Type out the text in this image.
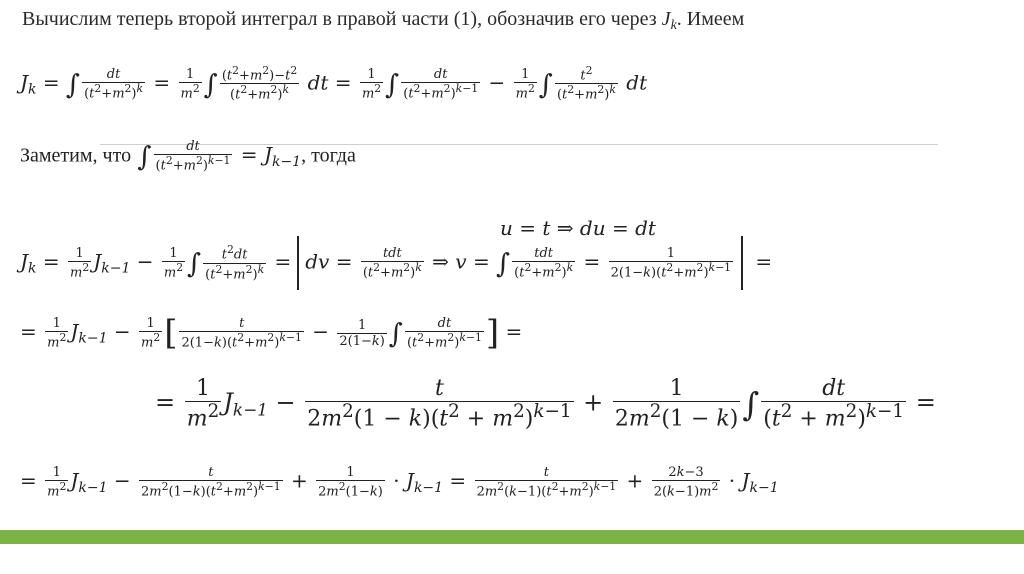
Вычислим теперь второй интеграл в правой части (1), обозначив его через $J_k$. Имеем
$J_k$ = ∫ $\frac{dt}{(t^2+m^2)^k} = \frac{1}{m^2}$ ∫ $\frac{(t^2+m^2)-t^2}{(t^2+m^2)^k}$ dt = $\frac{1}{m^2}$ ∫ $\frac{dt}{(t^2+m^2)^{k-1}} - \frac{1}{m^2}$ ∫ $\frac{t^2}{(t^2+m^2)^k}$ dt
Заметим, что ∫ $\frac{dt}{(t^2+m^2)^{k-1}} = J_{k-1}$, тогда
u = t ⇒ du = dt
$J_k = \frac{1}{m^2} J_{k-1} - \frac{1}{m^2}$ ∫ $\frac{t^2dt}{(t^2+m^2)^k}$ = dv = $\frac{\text{tdt}}{(t^2+m^2)^k}$ ⇒ v = ∫ $\frac{\text{tdt}}{(t^2+m^2)^k} = \frac{1}{2(1-k)(t^2+m^2)^{k-1}}$ =
= $\frac{1}{m^2} J_{k-1} - \frac{1}{m^2}$ [ $\frac{t}{2(1-k)(t^2+m^2)^{k-1}} - \frac{1}{2(1-k)}$ ∫ $\frac{dt}{(t^2+m^2)^{k-1}}$ ] =
= $\frac{1}{m^2} J_{k-1} - \frac{t}{2m^2(1 - k)(t^2 + m^2)^{k-1}} + \frac{1}{2m^2(1 - k)}$ ∫ $\frac{dt}{(t^2 + m^2)^{k-1}}$ =
= $\frac{1}{m^2} J_{k-1} - \frac{t}{2m^2(1-k)(t^2+m^2)^{k-1}} + \frac{1}{2m^2(1-k)} \cdot J_{k-1} = \frac{t}{2m^2(k-1)(t^2+m^2)^{k-1}} + \frac{2k-3}{2(k-1)m^2} \cdot J_{k-1}$
